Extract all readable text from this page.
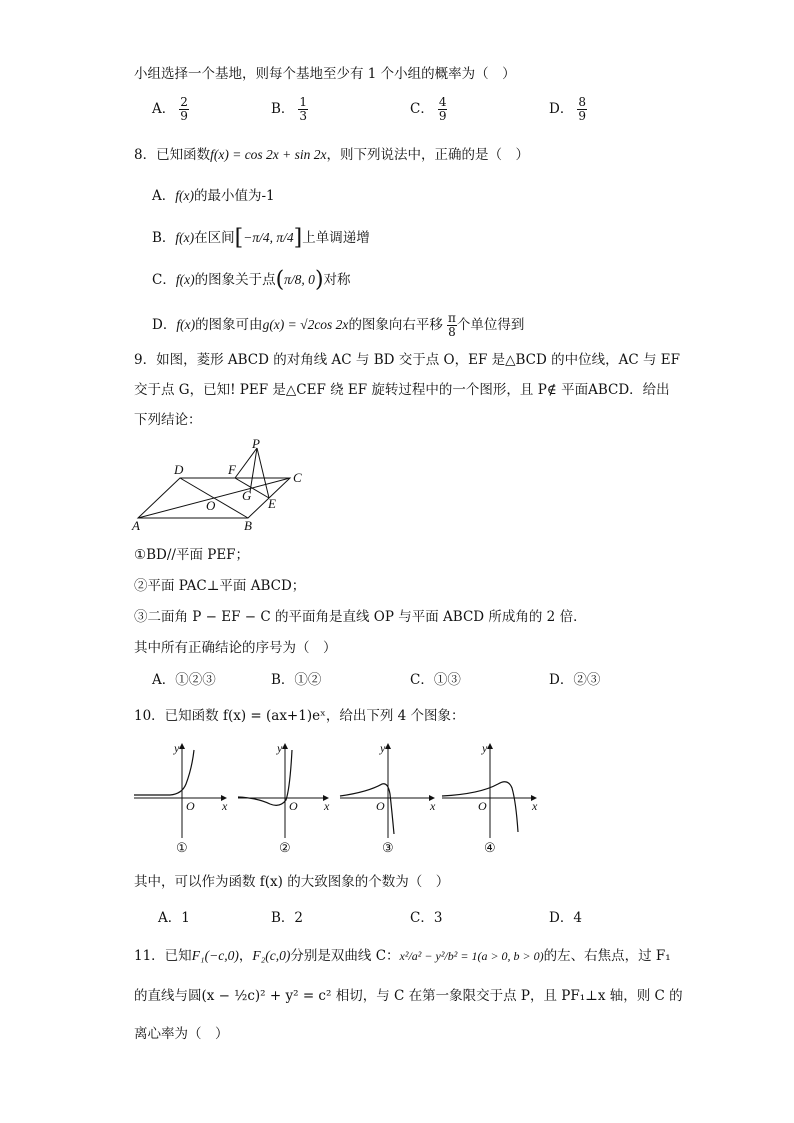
小组选择一个基地，则每个基地至少有 1 个小组的概率为（　）
A． $\frac{2}{9}$	B． $\frac{1}{3}$	C． $\frac{4}{9}$	D． $\frac{8}{9}$
8．已知函数f(x) = cos 2x + sin 2x，则下列说法中，正确的是（　）
A．f(x)的最小值为-1
B．f(x)在区间[−π/4, π/4]上单调递增
C．f(x)的图象关于点(π/8, 0)对称
D．f(x)的图象可由g(x) = √2cos 2x的图象向右平移 $\frac{\pi}{8}$ 个单位得到
9．如图，菱形 ABCD 的对角线 AC 与 BD 交于点 O，EF 是△BCD 的中位线，AC 与 EF
交于点 G，已知! PEF 是△CEF 绕 EF 旋转过程中的一个图形，且 P∉ 平面ABCD．给出
下列结论：
P
D	F
C
G
O	E
A	B
①BD//平面 PEF；
②平面 PAC⊥平面 ABCD；
③二面角 P − EF − C 的平面角是直线 OP 与平面 ABCD 所成角的 2 倍．
其中所有正确结论的序号为（　）
A．①②③	B．①②	C．①③	D．②③
10．已知函数 f(x) = (ax+1)eˣ，给出下列 4 个图象：
y
x
O
y
x
O
y
x
O
y
x
O
①	②	③	④
其中，可以作为函数 f(x) 的大致图象的个数为（　）
A．1	B．2	C．3	D．4
11．已知F₁(−c,0)，F₂(c,0)分别是双曲线 C：x²/a² − y²/b² = 1(a > 0, b > 0)的左、右焦点，过 F₁
的直线与圆(x − ½c)² + y² = c² 相切，与 C 在第一象限交于点 P，且 PF₁⊥x 轴，则 C 的
离心率为（　）
